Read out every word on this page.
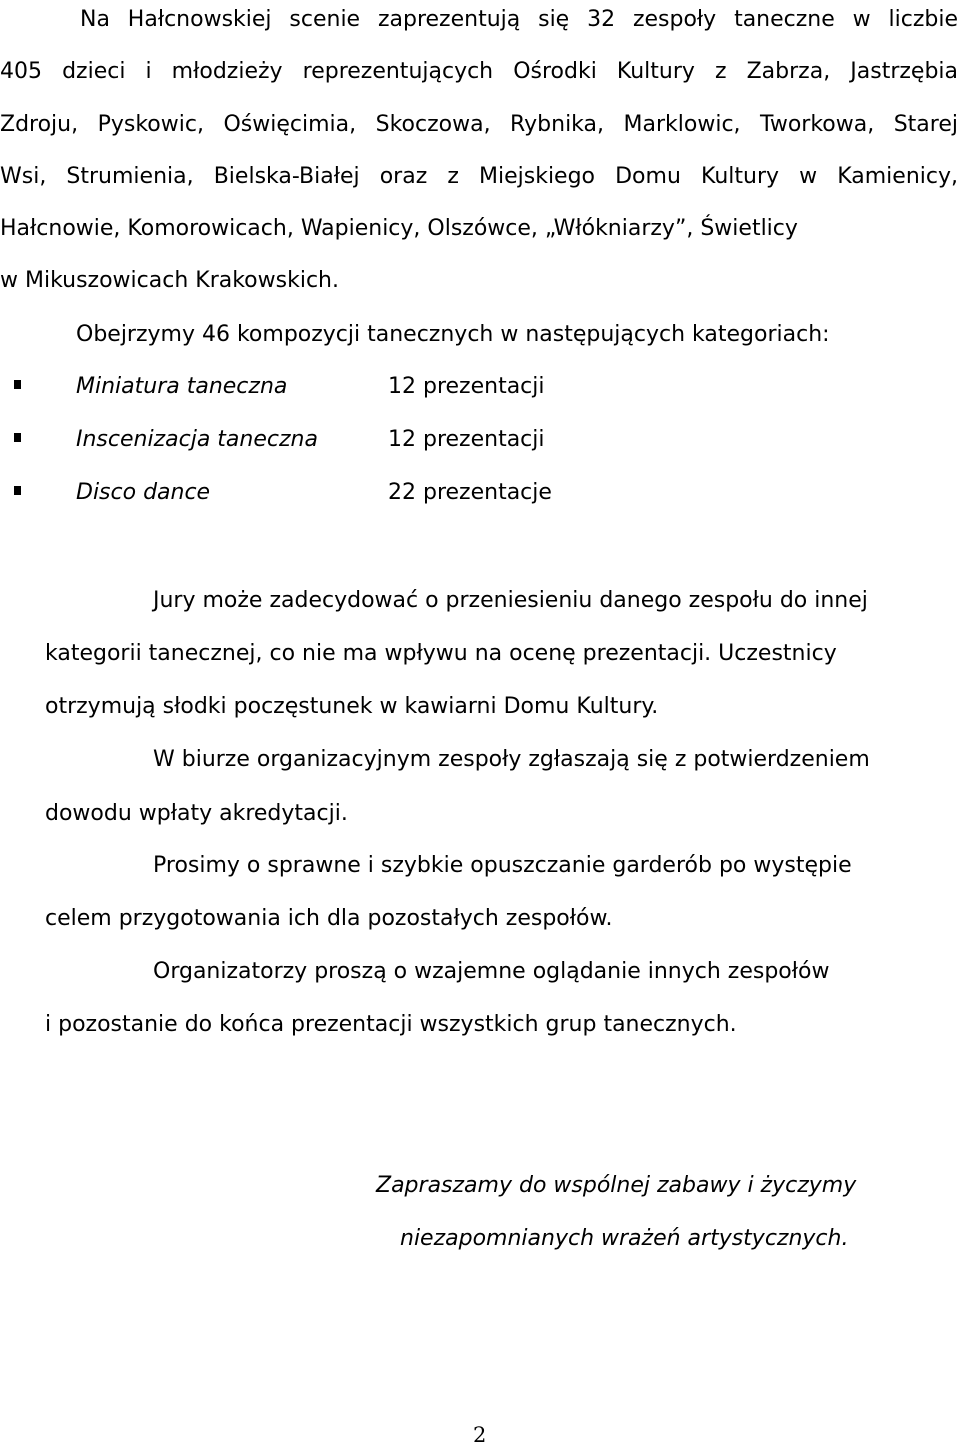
Na Hałcnowskiej scenie zaprezentują się 32 zespoły taneczne w liczbie
405 dzieci i młodzieży reprezentujących Ośrodki Kultury z Zabrza, Jastrzębia
Zdroju, Pyskowic, Oświęcimia, Skoczowa, Rybnika, Marklowic, Tworkowa, Starej
Wsi, Strumienia, Bielska-Białej oraz z Miejskiego Domu Kultury w Kamienicy,
Hałcnowie, Komorowicach, Wapienicy, Olszówce, „Włókniarzy”, Świetlicy
w Mikuszowicach Krakowskich.
Obejrzymy 46 kompozycji tanecznych w następujących kategoriach:
Miniatura taneczna	12 prezentacji
Inscenizacja taneczna	12 prezentacji
Disco dance	22 prezentacje
Jury może zadecydować o przeniesieniu danego zespołu do innej
kategorii tanecznej, co nie ma wpływu na ocenę prezentacji. Uczestnicy
otrzymują słodki poczęstunek w kawiarni Domu Kultury.
W biurze organizacyjnym zespoły zgłaszają się z potwierdzeniem
dowodu wpłaty akredytacji.
Prosimy o sprawne i szybkie opuszczanie garderób po występie
celem przygotowania ich dla pozostałych zespołów.
Organizatorzy proszą o wzajemne oglądanie innych zespołów
i pozostanie do końca prezentacji wszystkich grup tanecznych.
Zapraszamy do wspólnej zabawy i życzymy
niezapomnianych wrażeń artystycznych.
2
